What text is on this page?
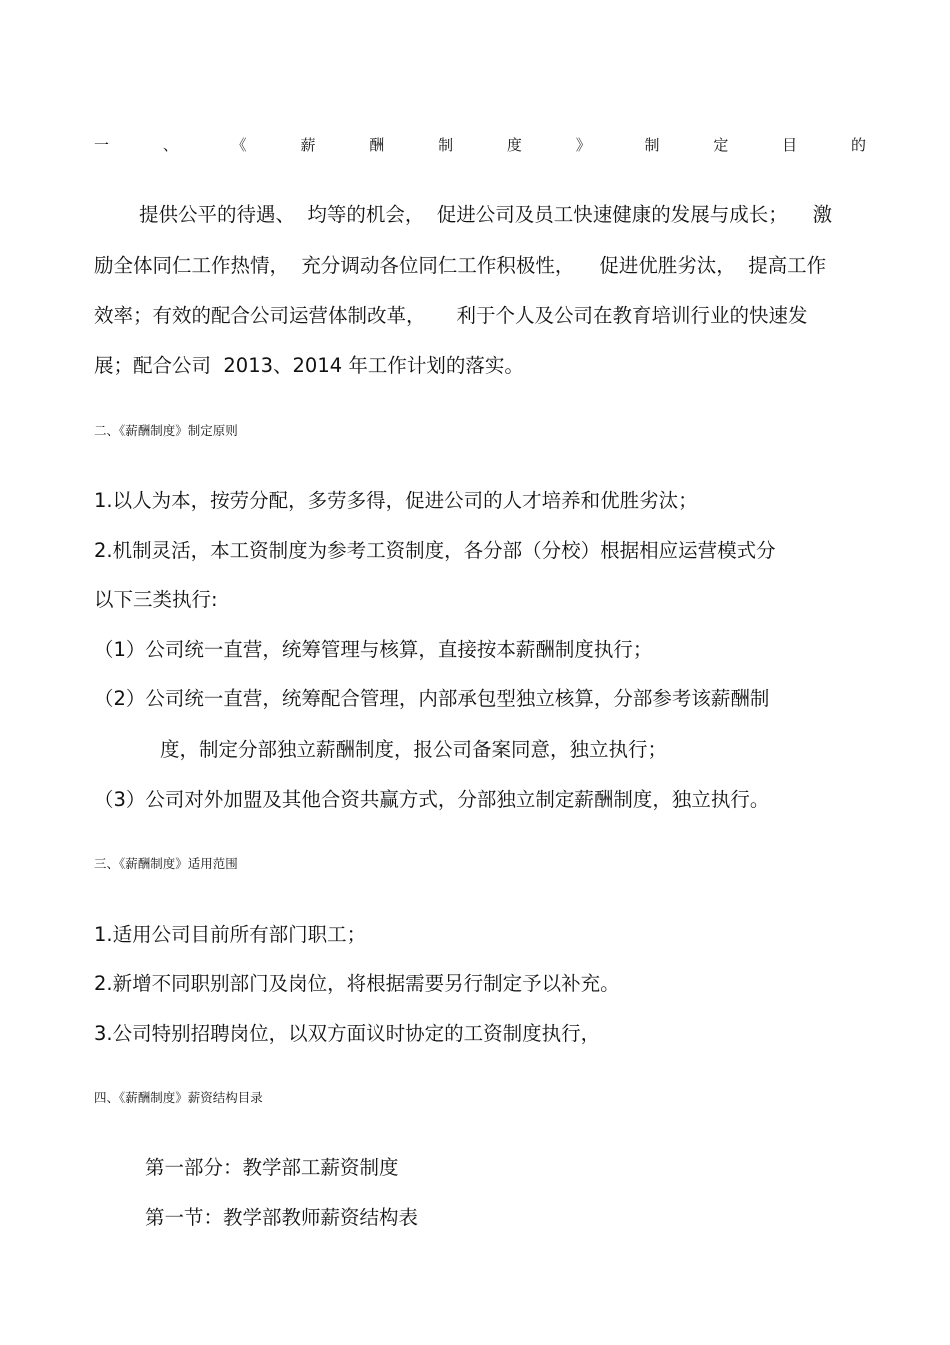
一	、	《	薪	酬	制	度	》	制	定	目	的
提供公平的待遇、  均等的机会，  促进公司及员工快速健康的发展与成长；    激
励全体同仁工作热情，  充分调动各位同仁工作积极性，    促进优胜劣汰，  提高工作
效率；有效的配合公司运营体制改革，     利于个人及公司在教育培训行业的快速发
展；配合公司  2013、2014 年工作计划的落实。
二、《薪酬制度》制定原则
1.以人为本，按劳分配，多劳多得，促进公司的人才培养和优胜劣汰；
2.机制灵活，本工资制度为参考工资制度，各分部（分校）根据相应运营模式分
以下三类执行:
（1）公司统一直营，统筹管理与核算，直接按本薪酬制度执行；
（2）公司统一直营，统筹配合管理，内部承包型独立核算，分部参考该薪酬制
度，制定分部独立薪酬制度，报公司备案同意，独立执行；
（3）公司对外加盟及其他合资共赢方式，分部独立制定薪酬制度，独立执行。
三、《薪酬制度》适用范围
1.适用公司目前所有部门职工；
2.新增不同职别部门及岗位，将根据需要另行制定予以补充。
3.公司特别招聘岗位，以双方面议时协定的工资制度执行，
四、《薪酬制度》薪资结构目录
第一部分：教学部工薪资制度
第一节：教学部教师薪资结构表
